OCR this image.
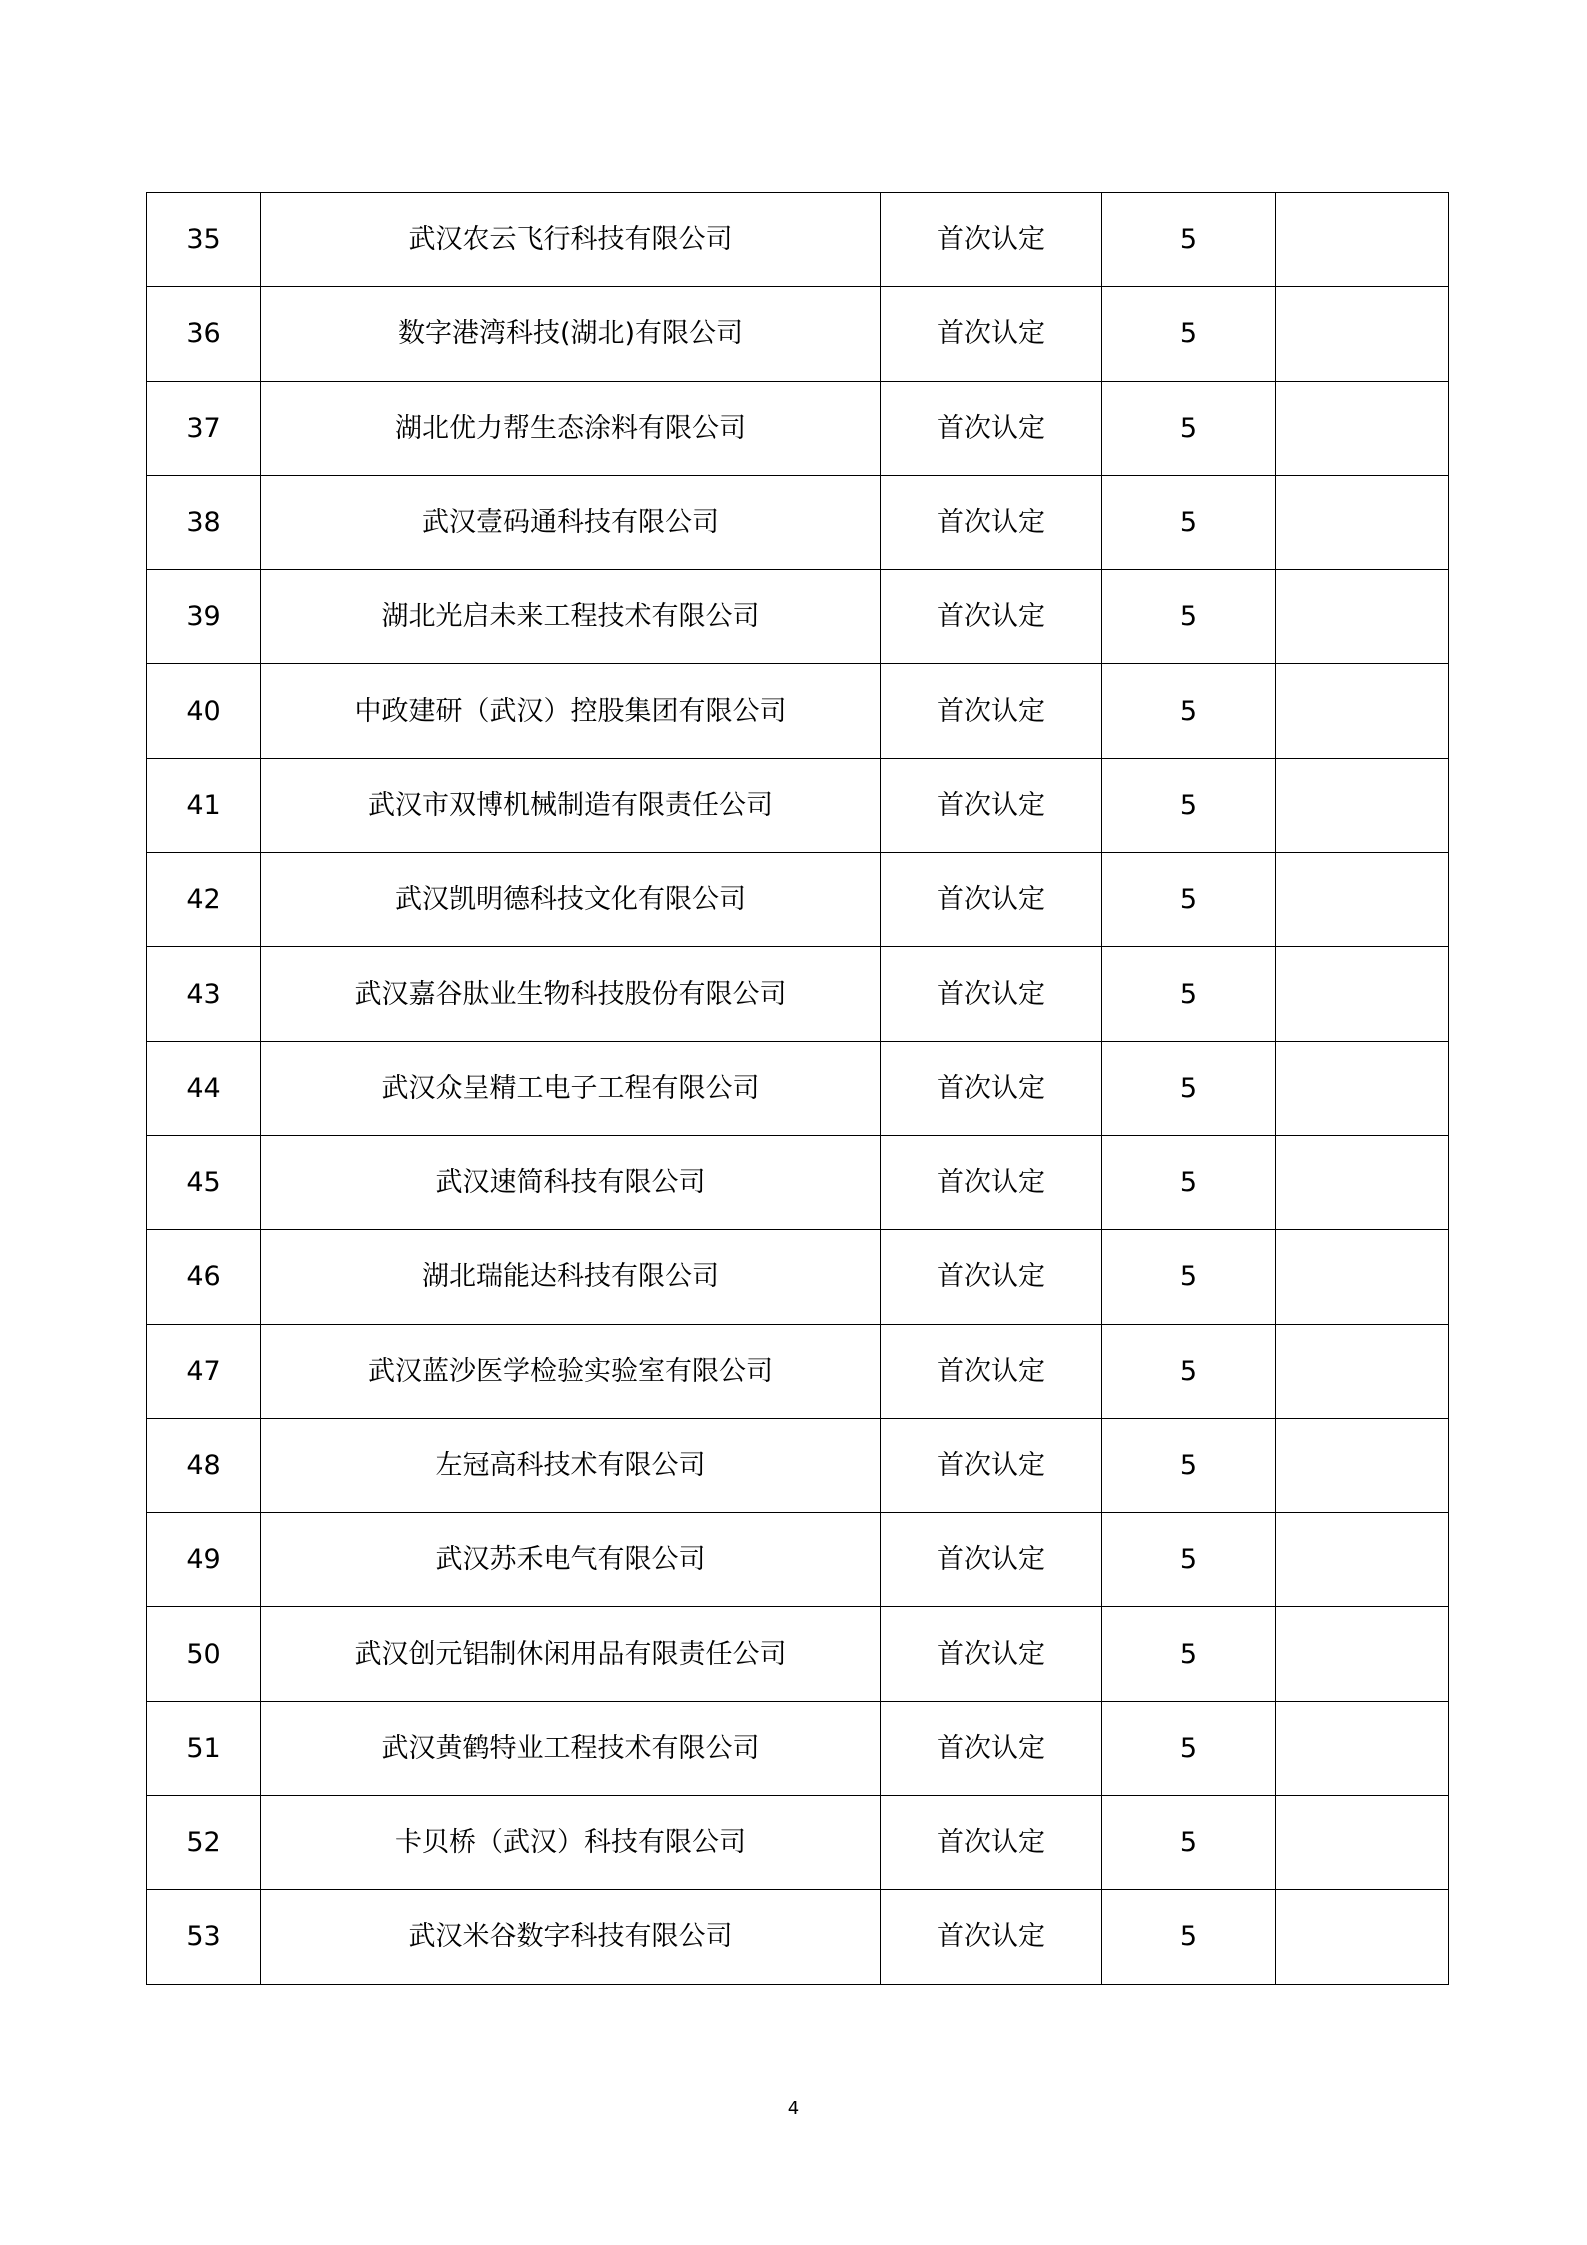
35	武汉农云飞行科技有限公司	首次认定	5	
36	数字港湾科技(湖北)有限公司	首次认定	5	
37	湖北优力帮生态涂料有限公司	首次认定	5	
38	武汉壹码通科技有限公司	首次认定	5	
39	湖北光启未来工程技术有限公司	首次认定	5	
40	中政建研（武汉）控股集团有限公司	首次认定	5	
41	武汉市双博机械制造有限责任公司	首次认定	5	
42	武汉凯明德科技文化有限公司	首次认定	5	
43	武汉嘉谷肽业生物科技股份有限公司	首次认定	5	
44	武汉众呈精工电子工程有限公司	首次认定	5	
45	武汉速简科技有限公司	首次认定	5	
46	湖北瑞能达科技有限公司	首次认定	5	
47	武汉蓝沙医学检验实验室有限公司	首次认定	5	
48	左冠高科技术有限公司	首次认定	5	
49	武汉苏禾电气有限公司	首次认定	5	
50	武汉创元铝制休闲用品有限责任公司	首次认定	5	
51	武汉黄鹤特业工程技术有限公司	首次认定	5	
52	卡贝桥（武汉）科技有限公司	首次认定	5	
53	武汉米谷数字科技有限公司	首次认定	5	
4
